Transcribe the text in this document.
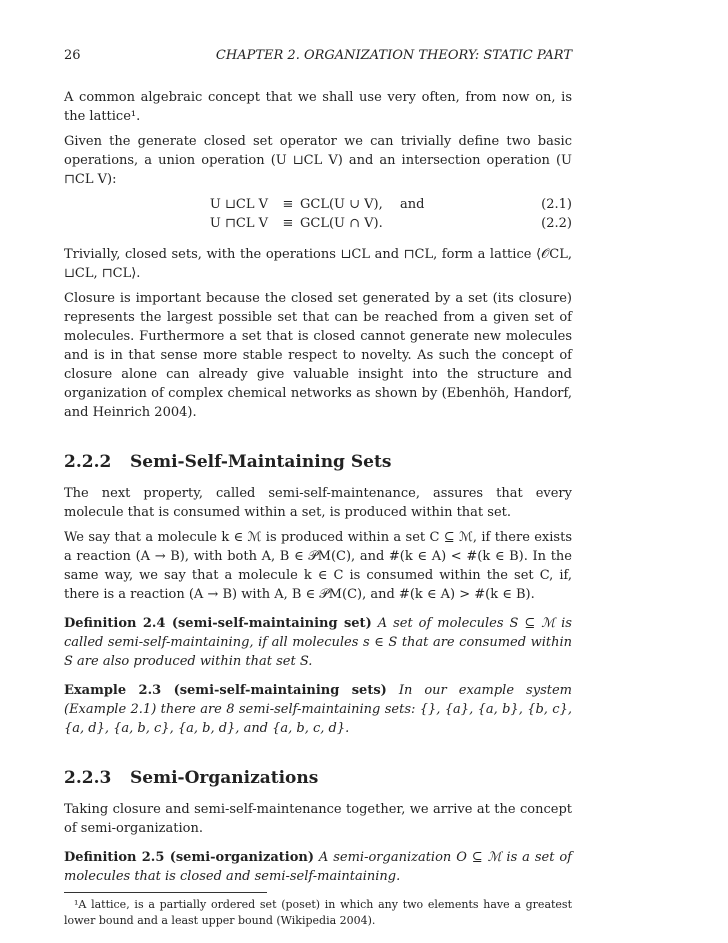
26	CHAPTER 2. ORGANIZATION THEORY: STATIC PART

A common algebraic concept that we shall use very often, from now on, is the lattice¹.

Given the generate closed set operator we can trivially define two basic operations, a union operation (U ⊔CL V) and an intersection operation (U ⊓CL V):

U ⊔CL V	≡ GCL(U ∪ V),	and	(2.1)
U ⊓CL V	≡ GCL(U ∩ V).	(2.2)

Trivially, closed sets, with the operations ⊔CL and ⊓CL, form a lattice ⟨𝒪CL, ⊔CL, ⊓CL⟩.

Closure is important because the closed set generated by a set (its closure) represents the largest possible set that can be reached from a given set of molecules. Furthermore a set that is closed cannot generate new molecules and is in that sense more stable respect to novelty. As such the concept of closure alone can already give valuable insight into the structure and organization of complex chemical networks as shown by (Ebenhöh, Handorf, and Heinrich 2004).

2.2.2 Semi-Self-Maintaining Sets

The next property, called semi-self-maintenance, assures that every molecule that is consumed within a set, is produced within that set.

We say that a molecule k ∈ ℳ is produced within a set C ⊆ ℳ, if there exists a reaction (A → B), with both A, B ∈ 𝒫M(C), and #(k ∈ A) < #(k ∈ B). In the same way, we say that a molecule k ∈ C is consumed within the set C, if, there is a reaction (A → B) with A, B ∈ 𝒫M(C), and #(k ∈ A) > #(k ∈ B).

Definition 2.4 (semi-self-maintaining set) A set of molecules S ⊆ ℳ is called semi-self-maintaining, if all molecules s ∈ S that are consumed within S are also produced within that set S.

Example 2.3 (semi-self-maintaining sets) In our example system (Example 2.1) there are 8 semi-self-maintaining sets: {}, {a}, {a, b}, {b, c}, {a, d}, {a, b, c}, {a, b, d}, and {a, b, c, d}.

2.2.3 Semi-Organizations

Taking closure and semi-self-maintenance together, we arrive at the concept of semi-organization.

Definition 2.5 (semi-organization) A semi-organization O ⊆ ℳ is a set of molecules that is closed and semi-self-maintaining.

¹A lattice, is a partially ordered set (poset) in which any two elements have a greatest lower bound and a least upper bound (Wikipedia 2004).
